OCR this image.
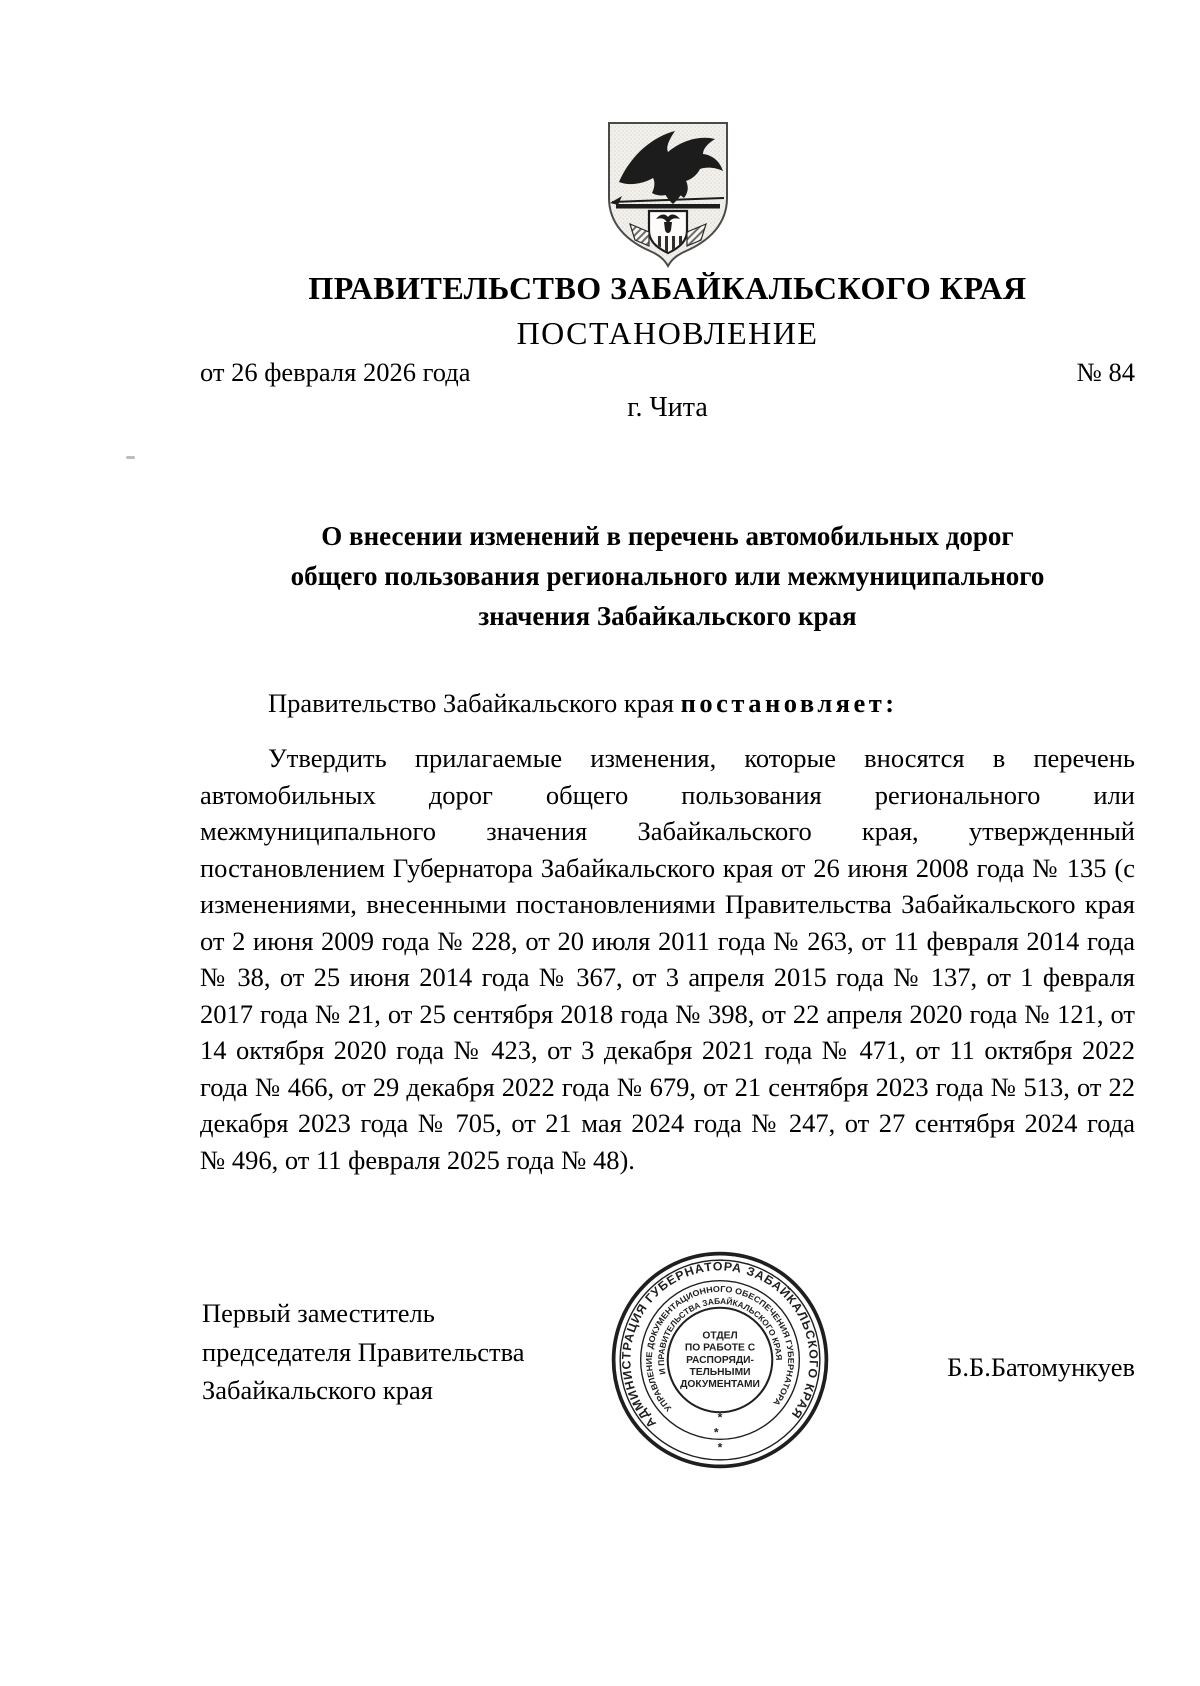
ПРАВИТЕЛЬСТВО ЗАБАЙКАЛЬСКОГО КРАЯ
ПОСТАНОВЛЕНИЕ
от 26 февраля 2026 года	№ 84
г. Чита
О внесении изменений в перечень автомобильных дорог
общего пользования регионального или межмуниципального
значения Забайкальского края

Правительство Забайкальского края постановляет:

Утвердить прилагаемые изменения, которые вносятся в перечень автомобильных дорог общего пользования регионального или межмуниципального значения Забайкальского края, утвержденный постановлением Губернатора Забайкальского края от 26 июня 2008 года № 135 (с изменениями, внесенными постановлениями Правительства Забайкальского края от 2 июня 2009 года № 228, от 20 июля 2011 года № 263, от 11 февраля 2014 года № 38, от 25 июня 2014 года № 367, от 3 апреля 2015 года № 137, от 1 февраля 2017 года № 21, от 25 сентября 2018 года № 398, от 22 апреля 2020 года № 121, от 14 октября 2020 года № 423, от 3 декабря 2021 года № 471, от 11 октября 2022 года № 466, от 29 декабря 2022 года № 679, от 21 сентября 2023 года № 513, от 22 декабря 2023 года № 705, от 21 мая 2024 года № 247, от 27 сентября 2024 года № 496, от 11 февраля 2025 года № 48).

Первый заместитель
председателя Правительства
Забайкальского края
Б.Б.Батомункуев
АДМИНИСТРАЦИЯ ГУБЕРНАТОРА ЗАБАЙКАЛЬСКОГО КРАЯ
УПРАВЛЕНИЕ ДОКУМЕНТАЦИОННОГО ОБЕСПЕЧЕНИЯ ГУБЕРНАТОРА
И ПРАВИТЕЛЬСТВА ЗАБАЙКАЛЬСКОГО КРАЯ
ОТДЕЛ
ПО РАБОТЕ С
РАСПОРЯДИ-
ТЕЛЬНЫМИ
ДОКУМЕНТАМИ
*
*
*
